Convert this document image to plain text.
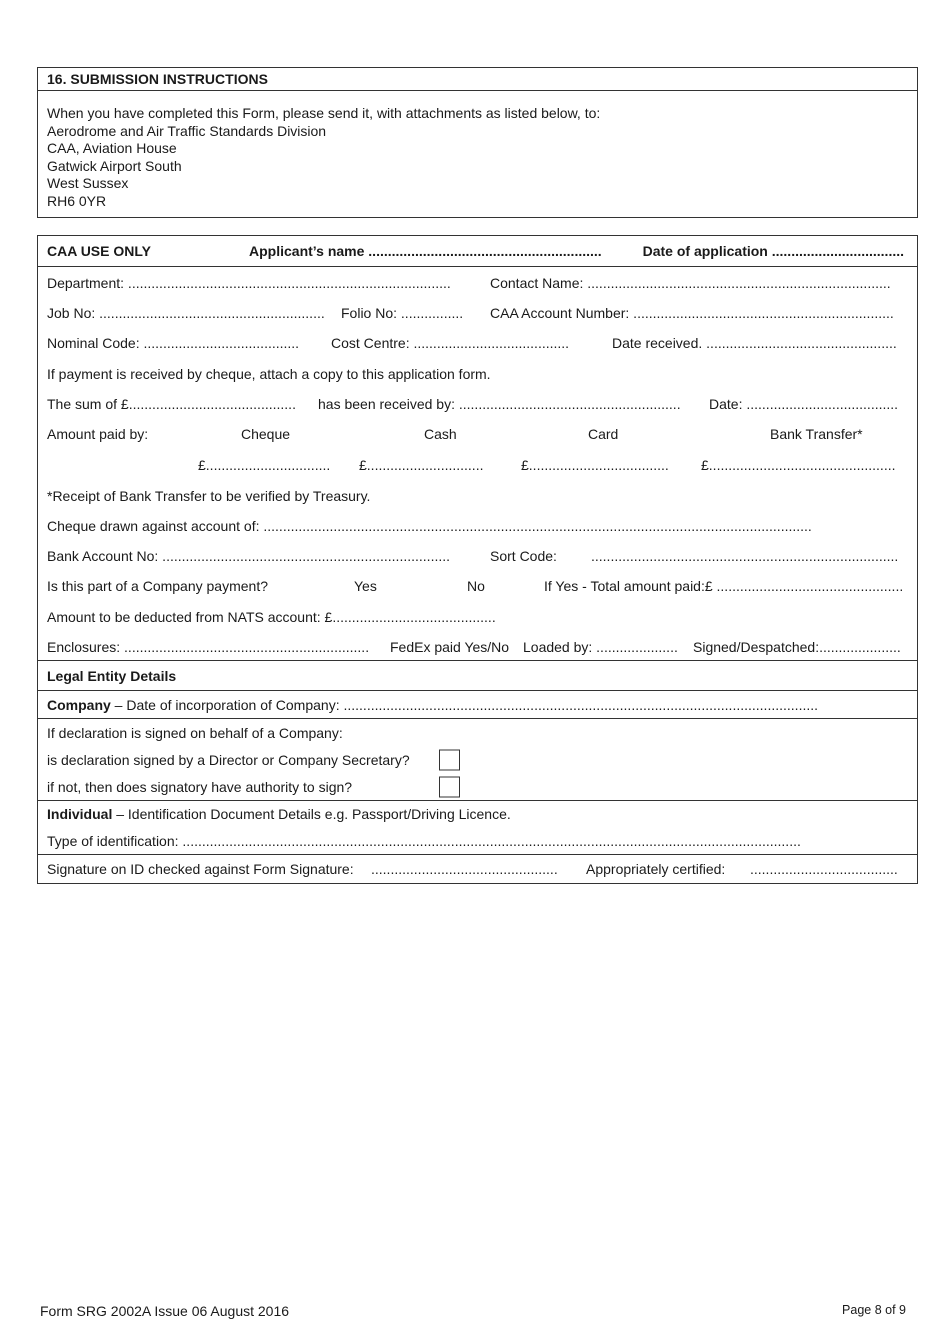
16. SUBMISSION INSTRUCTIONS
When you have completed this Form, please send it, with attachments as listed below, to:
Aerodrome and Air Traffic Standards Division
CAA, Aviation House
Gatwick Airport South
West Sussex
RH6 0YR
CAA USE ONLY	Applicant’s name ............................................................	Date of application ..................................
Department: ...................................................................................	Contact Name: ..............................................................................
Job No: .......................................................... Folio No: ................ CAA Account Number: ...................................................................
Nominal Code: ........................................ Cost Centre: ........................................	Date received. .................................................
If payment is received by cheque, attach a copy to this application form.
The sum of £........................................... has been received by: ......................................................... Date: .......................................
Amount paid by:	Cheque	Cash	Card	Bank Transfer*
£................................ £..............................	£.................................... £................................................
*Receipt of Bank Transfer to be verified by Treasury.
Cheque drawn against account of: .............................................................................................................................................
Bank Account No: ..........................................................................	Sort Code: ...............................................................................
Is this part of a Company payment?	Yes	No	If Yes - Total amount paid:£ ................................................
Amount to be deducted from NATS account: £..........................................
Enclosures: ............................................................... FedEx paid Yes/No Loaded by: ..................... Signed/Despatched:.....................
Legal Entity Details
Company – Date of incorporation of Company: ..........................................................................................................................
If declaration is signed on behalf of a Company:
is declaration signed by a Director or Company Secretary?
if not, then does signatory have authority to sign?
Individual – Identification Document Details e.g. Passport/Driving Licence.
Type of identification: ...............................................................................................................................................................
Signature on ID checked against Form Signature: ................................................ Appropriately certified: ......................................
Form SRG 2002A Issue 06 August 2016	Page 8 of 9
